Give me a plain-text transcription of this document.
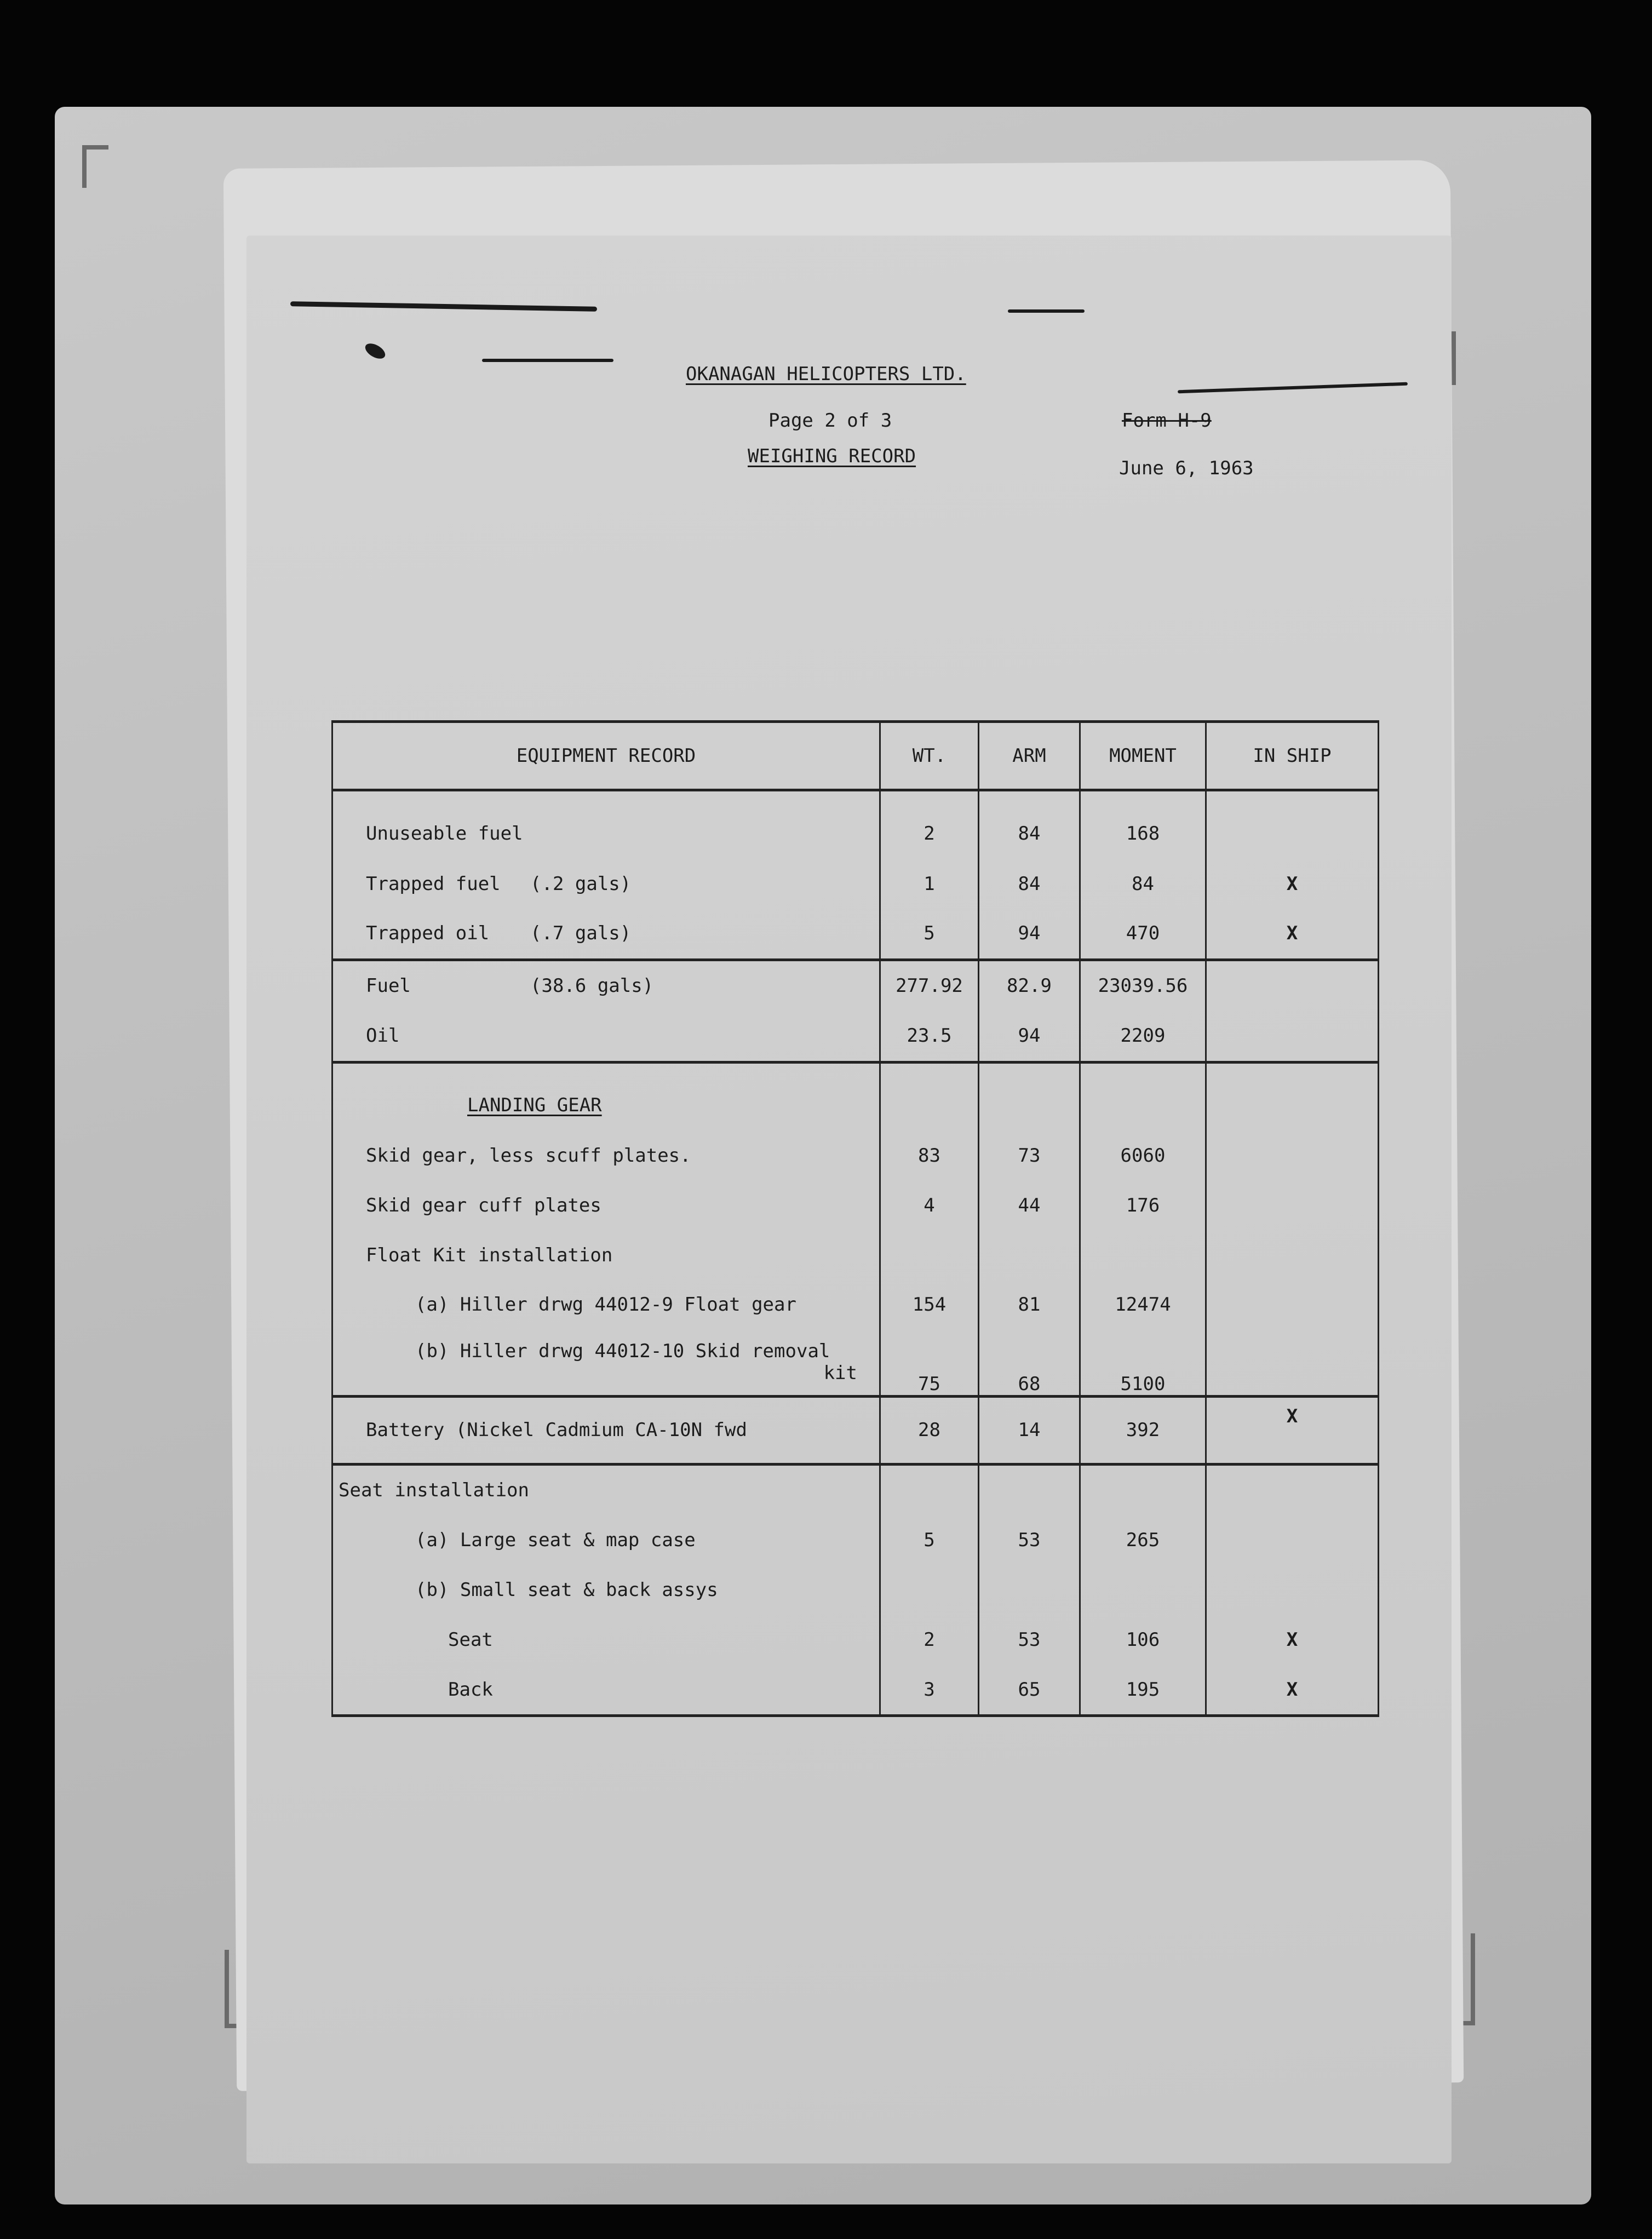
OKANAGAN HELICOPTERS LTD.
Page 2 of 3	Form H-9
WEIGHING RECORD
June 6, 1963
EQUIPMENT RECORD	WT.	ARM	MOMENT	IN SHIP
Unuseable fuel	2	84	168	
Trapped fuel (.2 gals)	1	84	84	X
Trapped oil (.7 gals)	5	94	470	X
Fuel (38.6 gals)	277.92	82.9	23039.56	
Oil	23.5	94	2209	
LANDING GEAR				
Skid gear, less scuff plates.	83	73	6060	
Skid gear cuff plates	4	44	176	
Float Kit installation				
(a) Hiller drwg 44012-9 Float gear	154	81	12474	
(b) Hiller drwg 44012-10 Skid removal
kit	75	68	5100	
Battery (Nickel Cadmium CA-10N fwd	28	14	392	X
Seat installation				
(a) Large seat & map case	5	53	265	
(b) Small seat & back assys				
Seat	2	53	106	X
Back	3	65	195	X
